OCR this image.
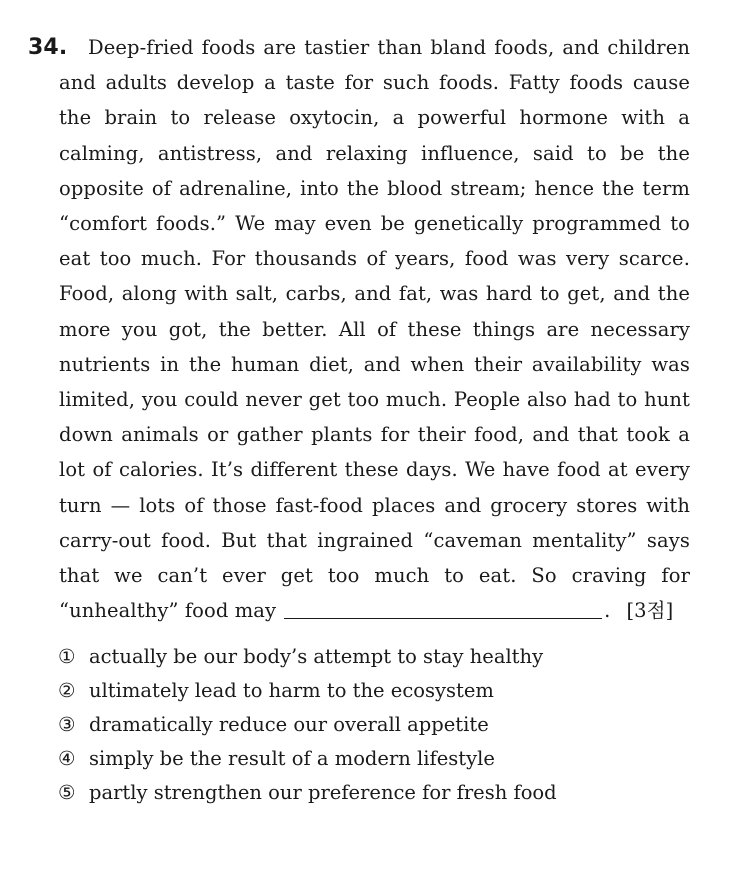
34. Deep-fried foods are tastier than bland foods, and children and adults develop a taste for such foods. Fatty foods cause the brain to release oxytocin, a powerful hormone with a calming, antistress, and relaxing influence, said to be the opposite of adrenaline, into the blood stream; hence the term “comfort foods.” We may even be genetically programmed to eat too much. For thousands of years, food was very scarce. Food, along with salt, carbs, and fat, was hard to get, and the more you got, the better. All of these things are necessary nutrients in the human diet, and when their availability was limited, you could never get too much. People also had to hunt down animals or gather plants for their food, and that took a lot of calories. It’s different these days. We have food at every turn — lots of those fast-food places and grocery stores with carry-out food. But that ingrained “caveman mentality” says that we can’t ever get too much to eat. So craving for “unhealthy” food may	. [3점]

① actually be our body’s attempt to stay healthy
② ultimately lead to harm to the ecosystem
③ dramatically reduce our overall appetite
④ simply be the result of a modern lifestyle
⑤ partly strengthen our preference for fresh food
